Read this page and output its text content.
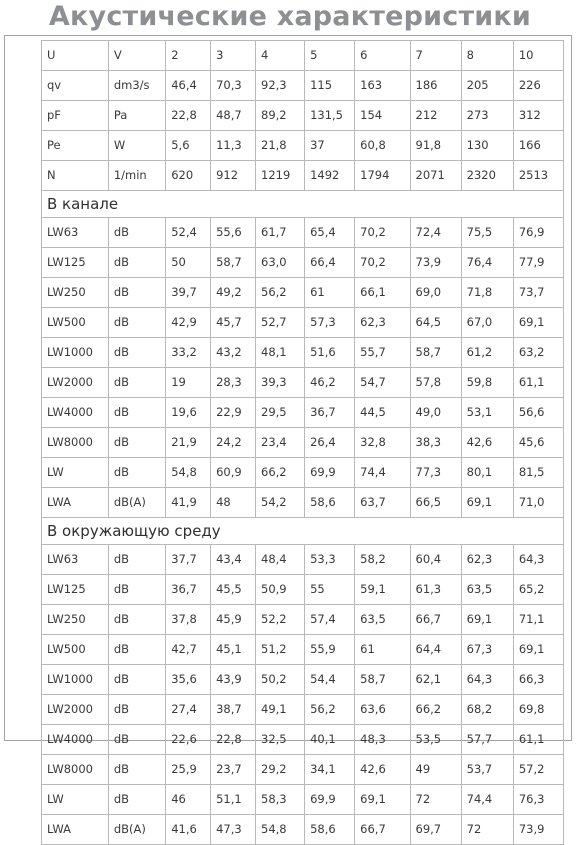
Акустические характеристики
U	V	2	3	4	5	6	7	8	10
qv	dm3/s	46,4	70,3	92,3	115	163	186	205	226
pF	Pa	22,8	48,7	89,2	131,5	154	212	273	312
Pe	W	5,6	11,3	21,8	37	60,8	91,8	130	166
N	1/min	620	912	1219	1492	1794	2071	2320	2513
В канале									
LW63	dB	52,4	55,6	61,7	65,4	70,2	72,4	75,5	76,9
LW125	dB	50	58,7	63,0	66,4	70,2	73,9	76,4	77,9
LW250	dB	39,7	49,2	56,2	61	66,1	69,0	71,8	73,7
LW500	dB	42,9	45,7	52,7	57,3	62,3	64,5	67,0	69,1
LW1000	dB	33,2	43,2	48,1	51,6	55,7	58,7	61,2	63,2
LW2000	dB	19	28,3	39,3	46,2	54,7	57,8	59,8	61,1
LW4000	dB	19,6	22,9	29,5	36,7	44,5	49,0	53,1	56,6
LW8000	dB	21,9	24,2	23,4	26,4	32,8	38,3	42,6	45,6
LW	dB	54,8	60,9	66,2	69,9	74,4	77,3	80,1	81,5
LWA	dB(A)	41,9	48	54,2	58,6	63,7	66,5	69,1	71,0
В окружающую среду									
LW63	dB	37,7	43,4	48,4	53,3	58,2	60,4	62,3	64,3
LW125	dB	36,7	45,5	50,9	55	59,1	61,3	63,5	65,2
LW250	dB	37,8	45,9	52,2	57,4	63,5	66,7	69,1	71,1
LW500	dB	42,7	45,1	51,2	55,9	61	64,4	67,3	69,1
LW1000	dB	35,6	43,9	50,2	54,4	58,7	62,1	64,3	66,3
LW2000	dB	27,4	38,7	49,1	56,2	63,6	66,2	68,2	69,8
LW4000	dB	22,6	22,8	32,5	40,1	48,3	53,5	57,7	61,1
LW8000	dB	25,9	23,7	29,2	34,1	42,6	49	53,7	57,2
LW	dB	46	51,1	58,3	69,9	69,1	72	74,4	76,3
LWA	dB(A)	41,6	47,3	54,8	58,6	66,7	69,7	72	73,9
